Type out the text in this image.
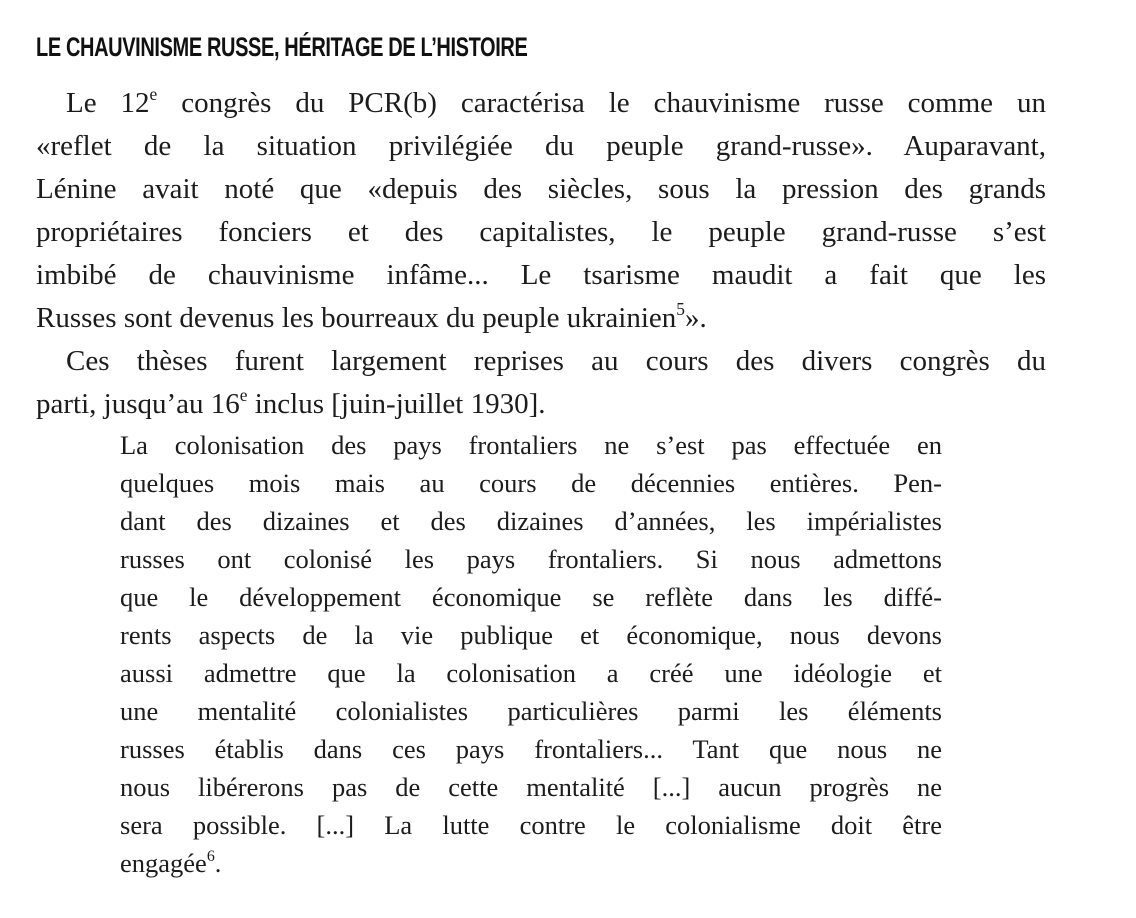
LE CHAUVINISME RUSSE, HÉRITAGE DE L’HISTOIRE

Le 12e congrès du PCR(b) caractérisa le chauvinisme russe comme un

«reflet de la situation privilégiée du peuple grand-russe». Auparavant,

Lénine avait noté que «depuis des siècles, sous la pression des grands

propriétaires fonciers et des capitalistes, le peuple grand-russe s’est

imbibé de chauvinisme infâme... Le tsarisme maudit a fait que les

Russes sont devenus les bourreaux du peuple ukrainien$^5$».

Ces thèses furent largement reprises au cours des divers congrès du

parti, jusqu’au 16e inclus [juin-juillet 1930].

La colonisation des pays frontaliers ne s’est pas effectuée en

quelques mois mais au cours de décennies entières. Pen-

dant des dizaines et des dizaines d’années, les impérialistes

russes ont colonisé les pays frontaliers. Si nous admettons

que le développement économique se reflète dans les diffé-

rents aspects de la vie publique et économique, nous devons

aussi admettre que la colonisation a créé une idéologie et

une mentalité colonialistes particulières parmi les éléments

russes établis dans ces pays frontaliers... Tant que nous ne

nous libérerons pas de cette mentalité [...] aucun progrès ne

sera possible. [...] La lutte contre le colonialisme doit être

engagée$^6$.
